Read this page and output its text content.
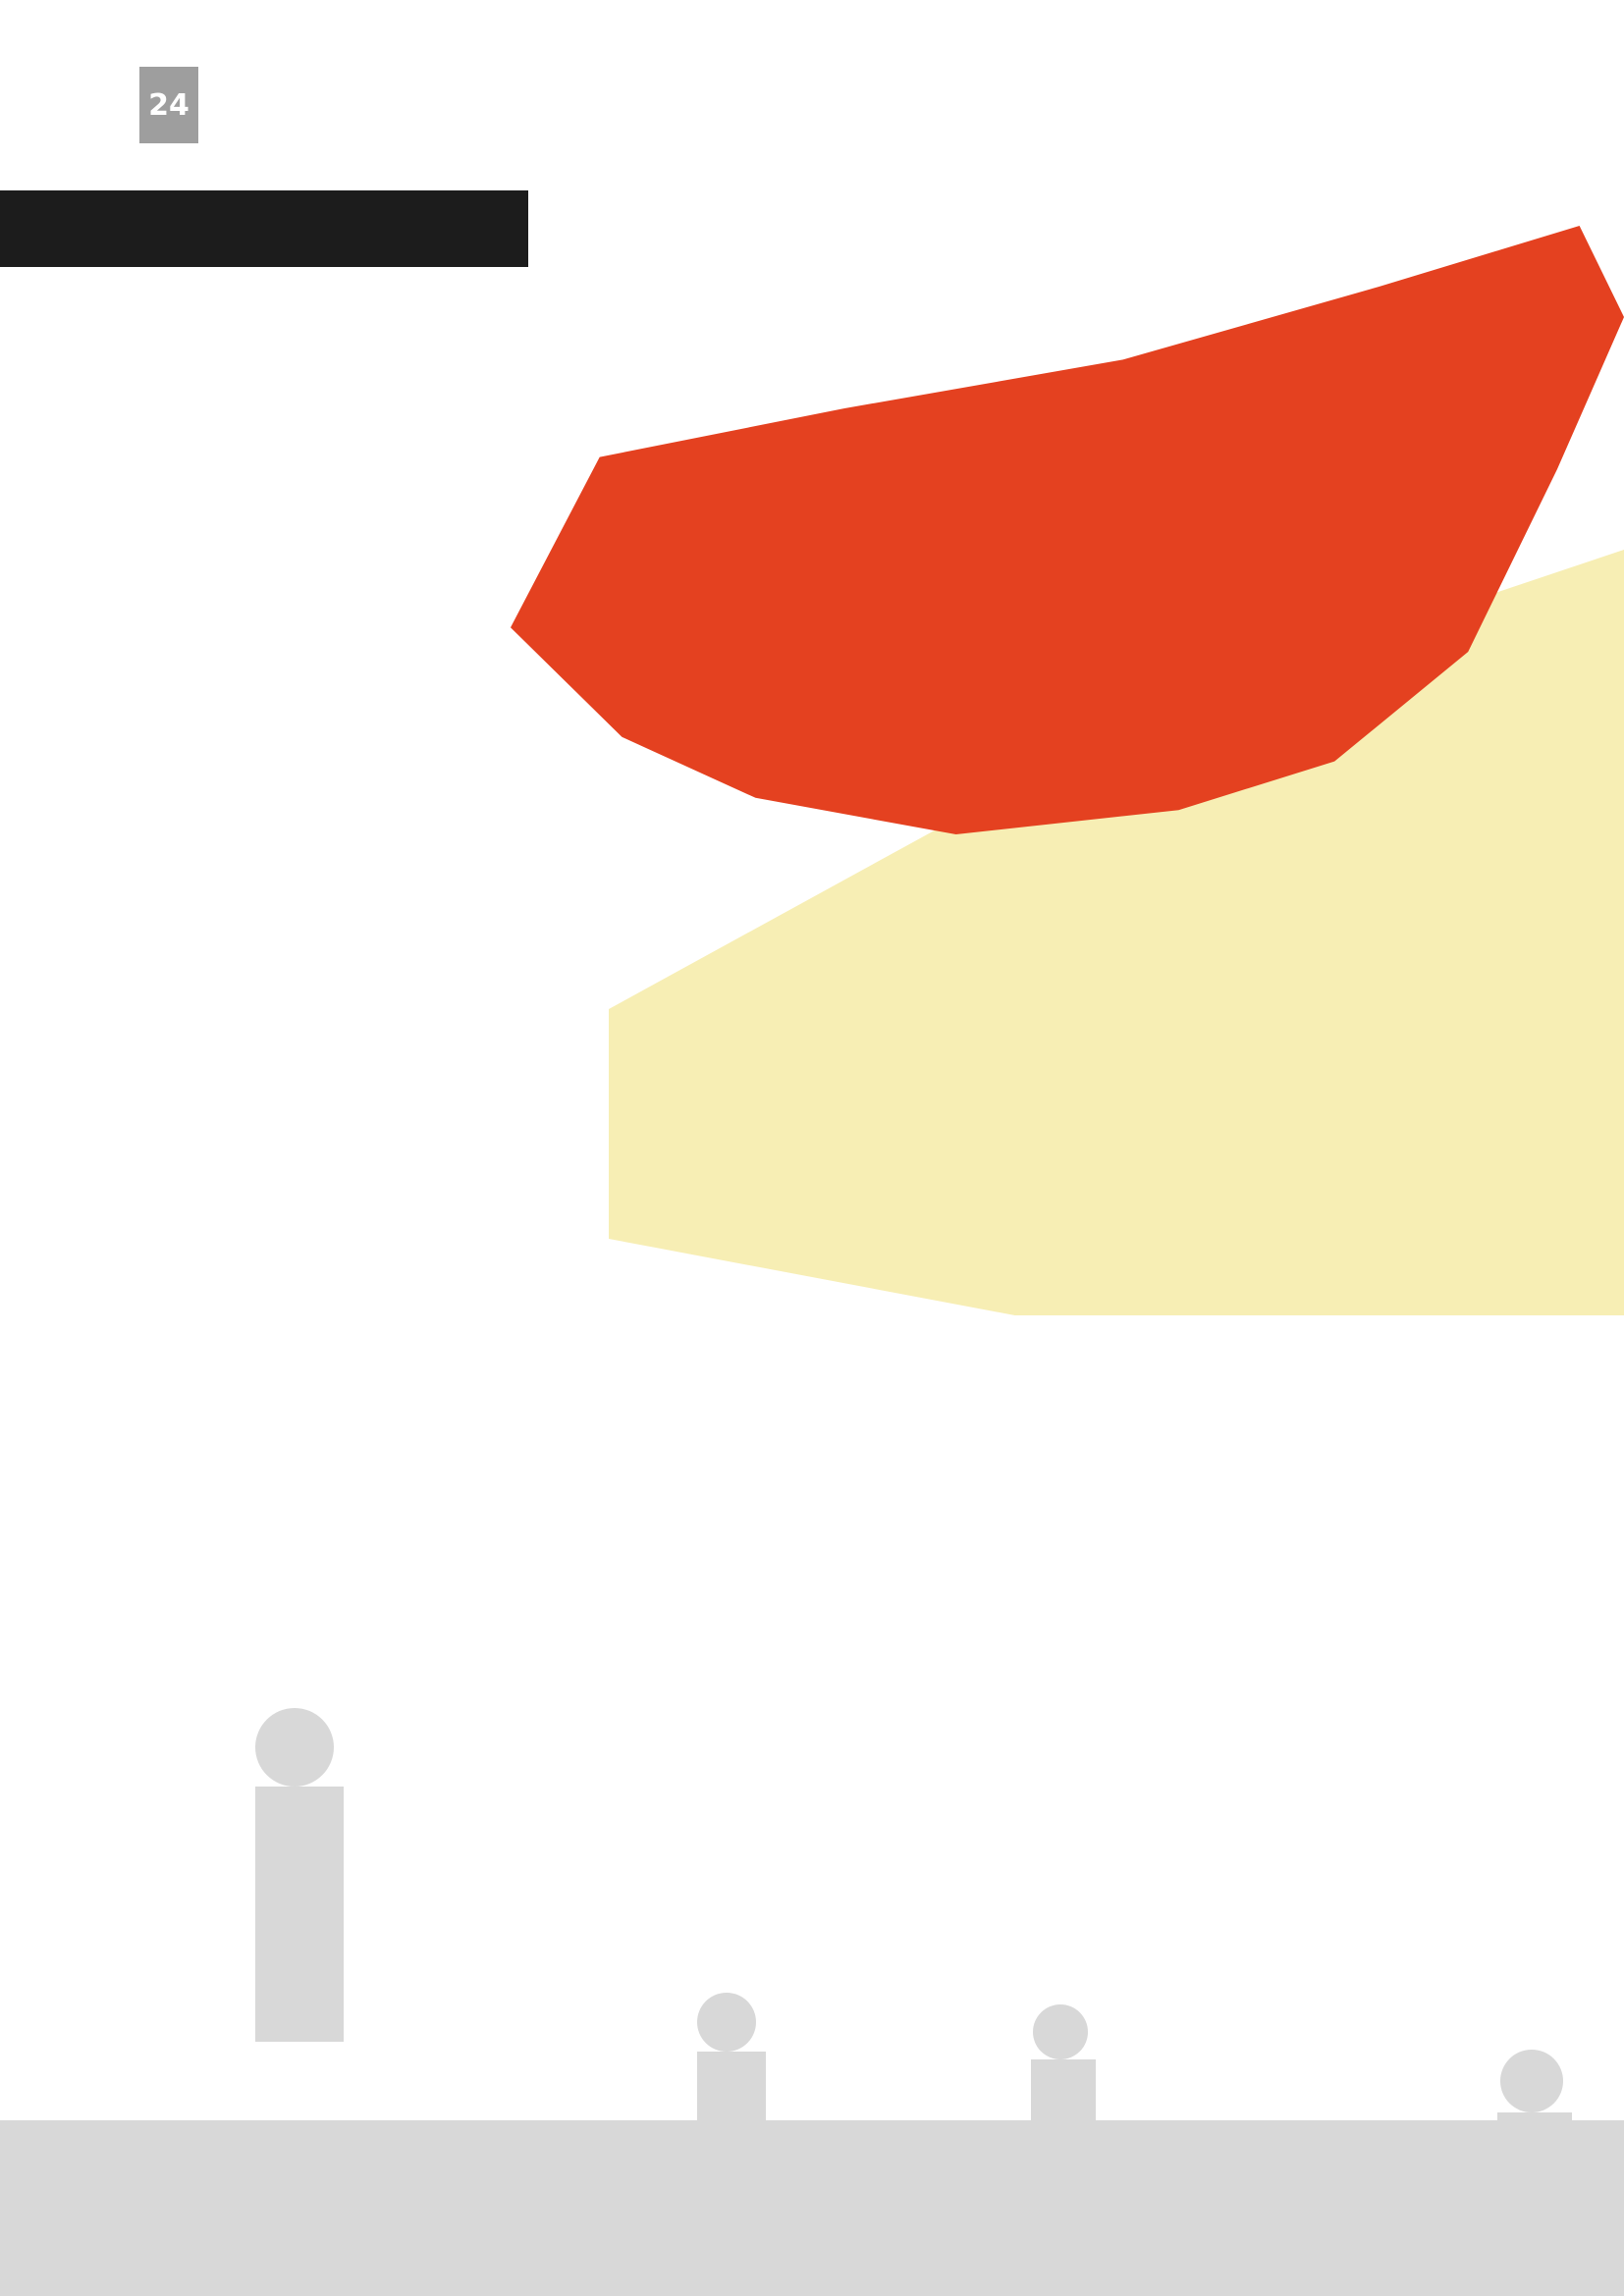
24
